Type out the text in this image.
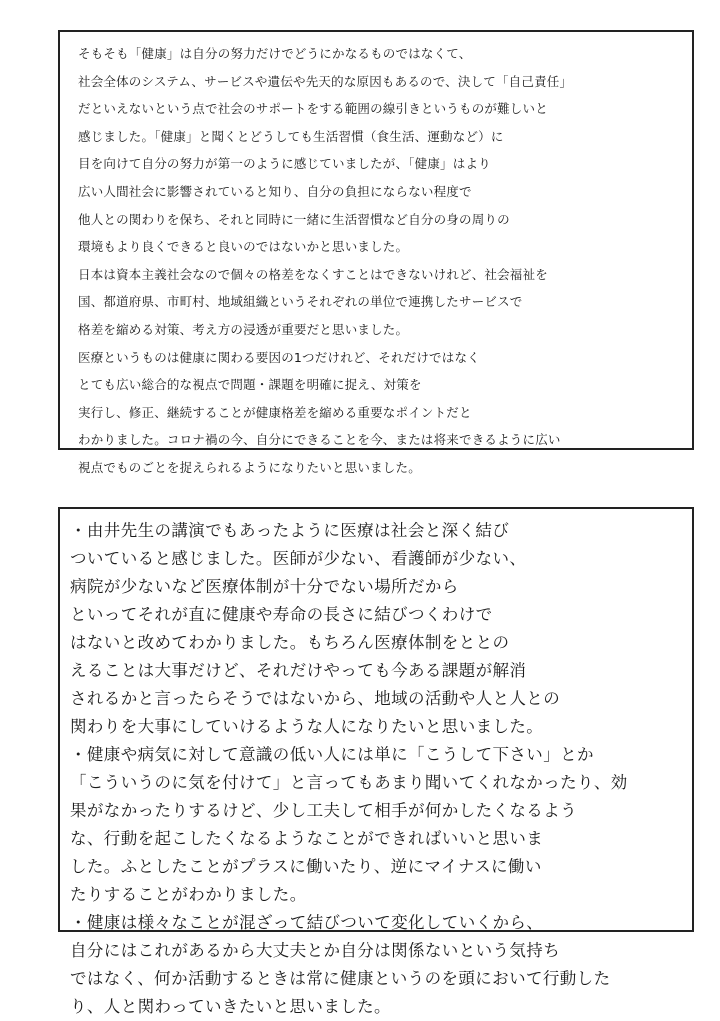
そもそも「健康」は自分の努力だけでどうにかなるものではなくて、
社会全体のシステム、サービスや遺伝や先天的な原因もあるので、決して「自己責任」
だといえないという点で社会のサポートをする範囲の線引きというものが難しいと
感じました。「健康」と聞くとどうしても生活習慣（食生活、運動など）に
目を向けて自分の努力が第一のように感じていましたが、「健康」はより
広い人間社会に影響されていると知り、自分の負担にならない程度で
他人との関わりを保ち、それと同時に一緒に生活習慣など自分の身の周りの
環境もより良くできると良いのではないかと思いました。
日本は資本主義社会なので個々の格差をなくすことはできないけれど、社会福祉を
国、都道府県、市町村、地域組織というそれぞれの単位で連携したサービスで
格差を縮める対策、考え方の浸透が重要だと思いました。
医療というものは健康に関わる要因の1つだけれど、それだけではなく
とても広い総合的な視点で問題・課題を明確に捉え、対策を
実行し、修正、継続することが健康格差を縮める重要なポイントだと
わかりました。コロナ禍の今、自分にできることを今、または将来できるように広い
視点でものごとを捉えられるようになりたいと思いました。
・由井先生の講演でもあったように医療は社会と深く結び
ついていると感じました。医師が少ない、看護師が少ない、
病院が少ないなど医療体制が十分でない場所だから
といってそれが直に健康や寿命の長さに結びつくわけで
はないと改めてわかりました。もちろん医療体制をととの
えることは大事だけど、それだけやっても今ある課題が解消
されるかと言ったらそうではないから、地域の活動や人と人との
関わりを大事にしていけるような人になりたいと思いました。
・健康や病気に対して意識の低い人には単に「こうして下さい」とか
「こういうのに気を付けて」と言ってもあまり聞いてくれなかったり、効
果がなかったりするけど、少し工夫して相手が何かしたくなるよう
な、行動を起こしたくなるようなことができればいいと思いま
した。ふとしたことがプラスに働いたり、逆にマイナスに働い
たりすることがわかりました。
・健康は様々なことが混ざって結びついて変化していくから、
自分にはこれがあるから大丈夫とか自分は関係ないという気持ち
ではなく、何か活動するときは常に健康というのを頭において行動した
り、人と関わっていきたいと思いました。
